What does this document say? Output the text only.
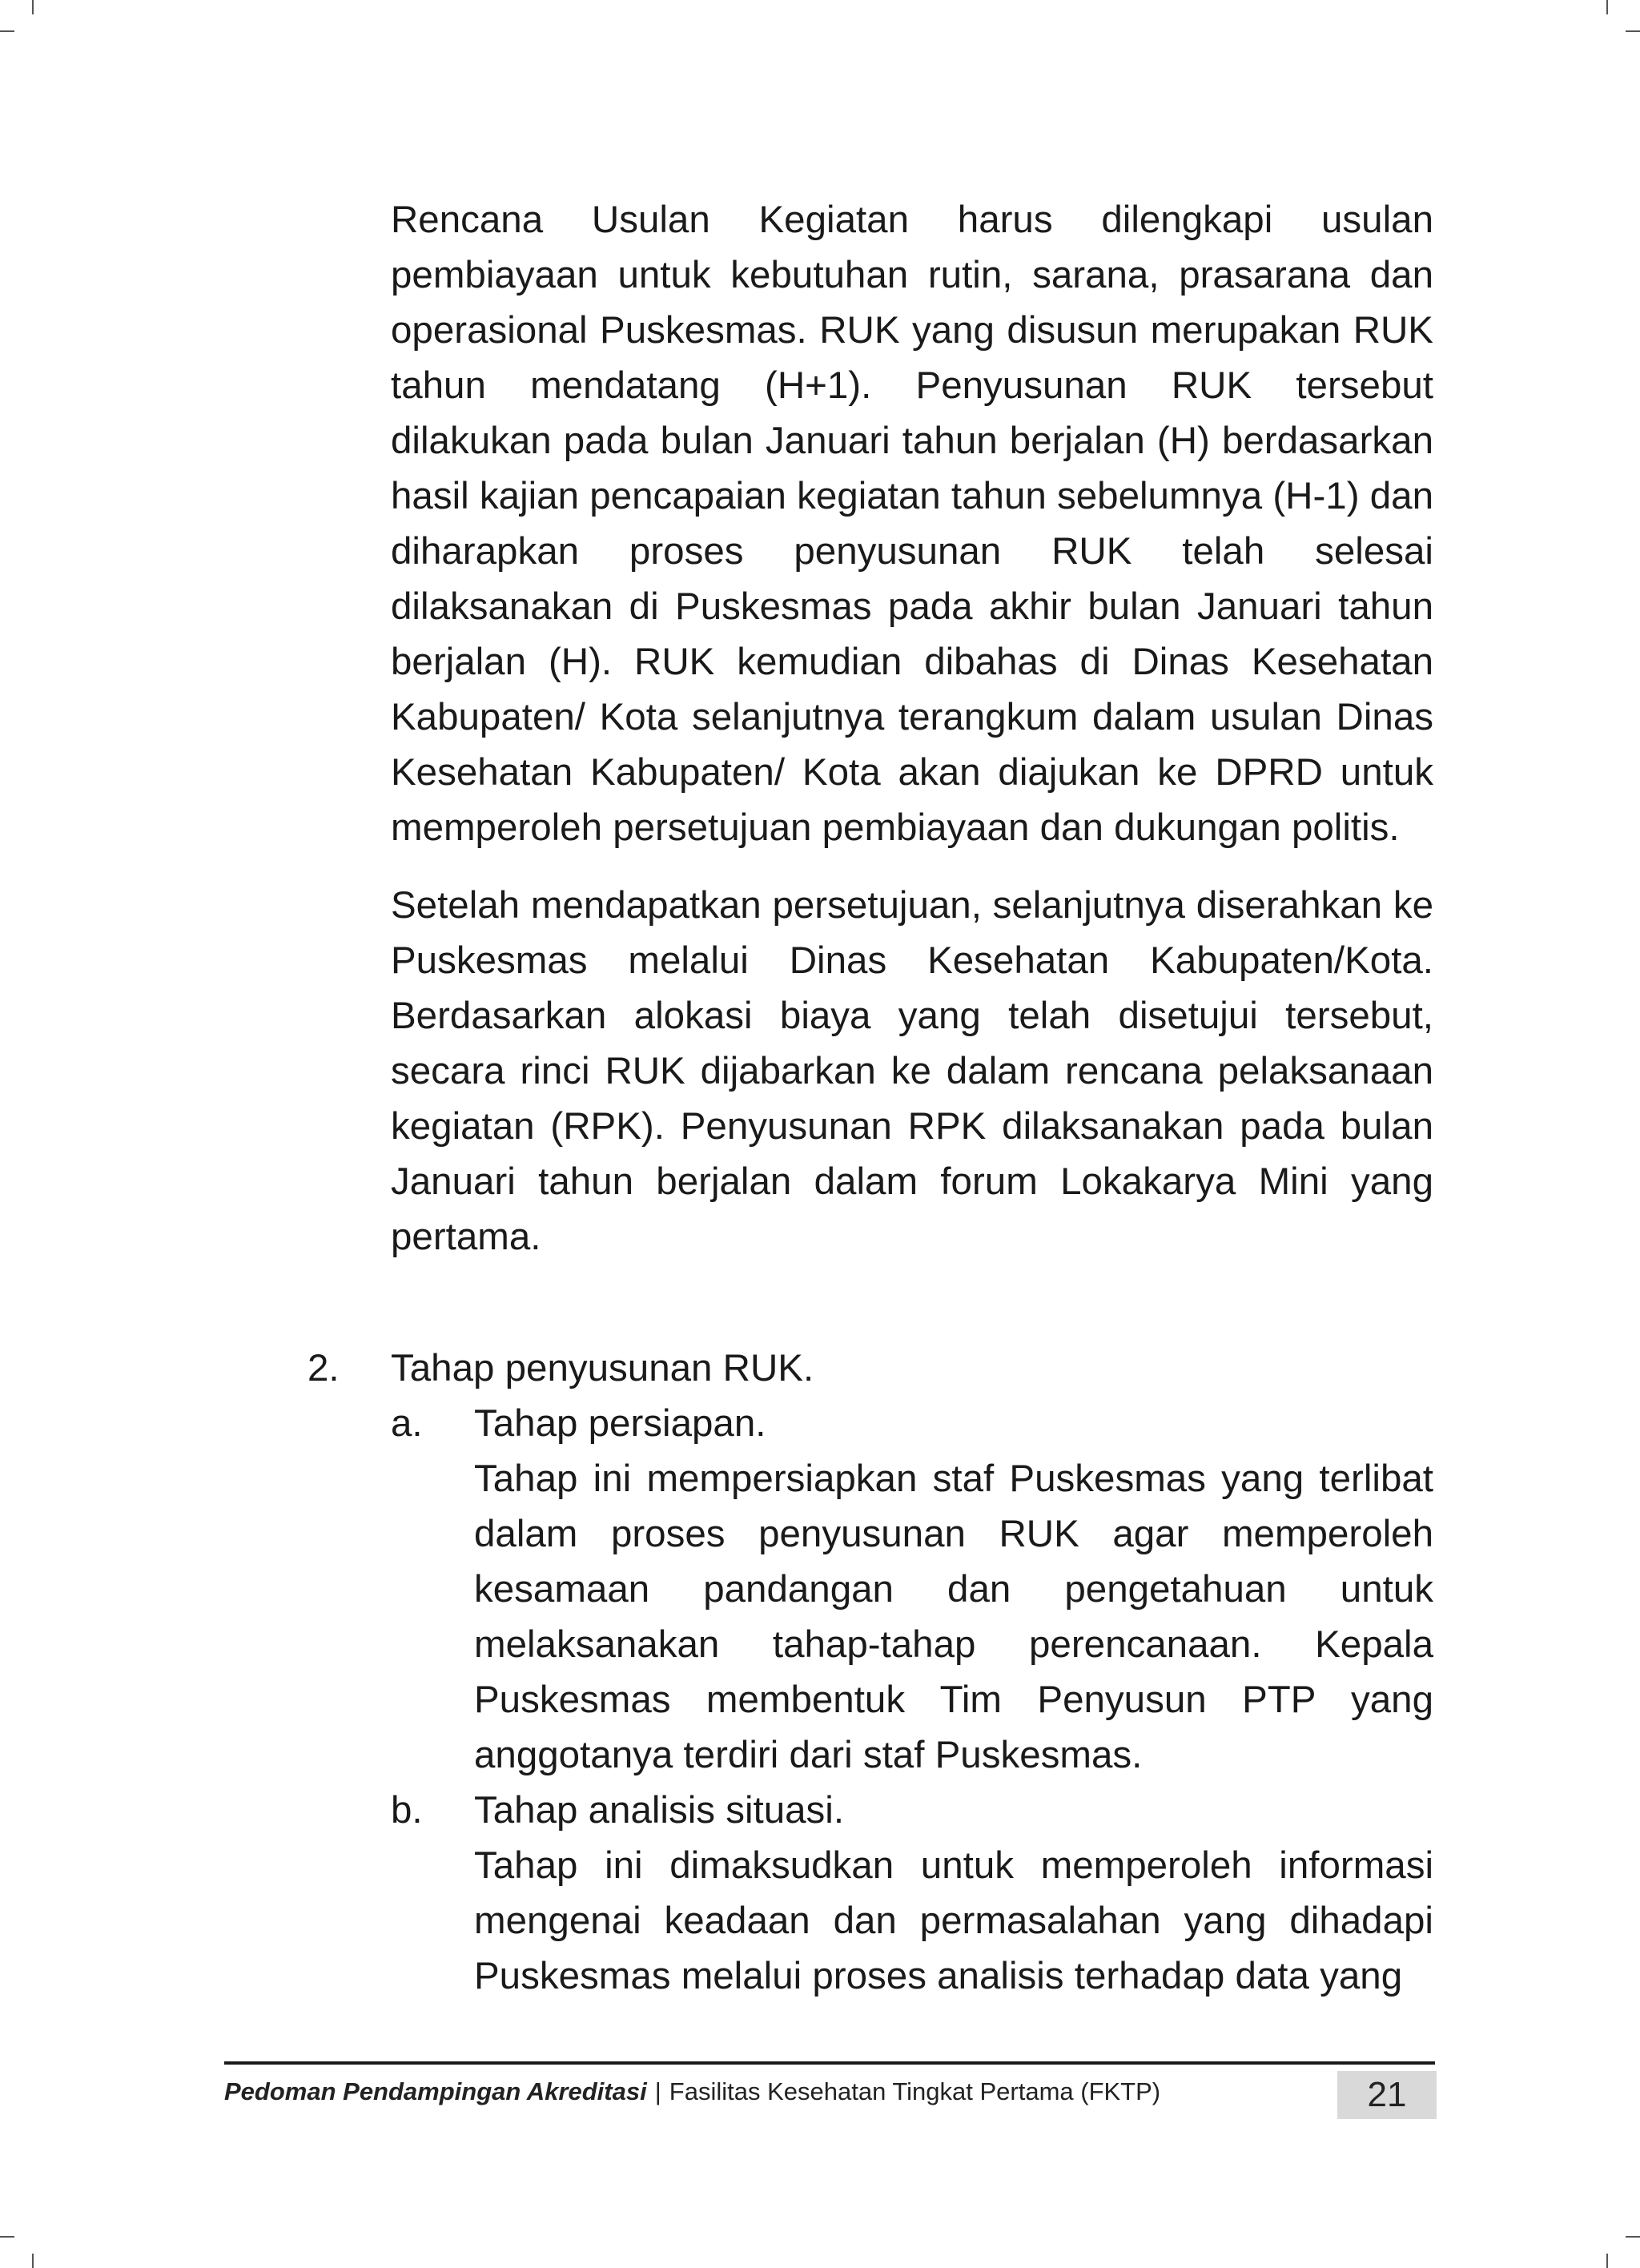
Rencana Usulan Kegiatan harus dilengkapi usulan pembiayaan untuk kebutuhan rutin, sarana, prasarana dan operasional Puskesmas. RUK yang disusun merupakan RUK tahun mendatang (H+1). Penyusunan RUK tersebut dilakukan pada bulan Januari tahun berjalan (H) berdasarkan hasil kajian pencapaian kegiatan tahun sebelumnya (H-1) dan diharapkan proses penyusunan RUK telah selesai dilaksanakan di Puskesmas pada akhir bulan Januari tahun berjalan (H). RUK kemudian dibahas di Dinas Kesehatan Kabupaten/ Kota selanjutnya terangkum dalam usulan Dinas Kesehatan Kabupaten/ Kota akan diajukan ke DPRD untuk memperoleh persetujuan pembiayaan dan dukungan politis.

Setelah mendapatkan persetujuan, selanjutnya diserahkan ke Puskesmas melalui Dinas Kesehatan Kabupaten/Kota. Berdasarkan alokasi biaya yang telah disetujui tersebut, secara rinci RUK dijabarkan ke dalam rencana pelaksanaan kegiatan (RPK). Penyusunan RPK dilaksanakan pada bulan Januari tahun berjalan dalam forum Lokakarya Mini yang pertama.

2. Tahap penyusunan RUK.
a. Tahap persiapan.

Tahap ini mempersiapkan staf Puskesmas yang terlibat dalam proses penyusunan RUK agar memperoleh kesamaan pandangan dan pengetahuan untuk melaksanakan tahap-tahap perencanaan. Kepala Puskesmas membentuk Tim Penyusun PTP yang anggotanya terdiri dari staf Puskesmas.

b. Tahap analisis situasi.

Tahap ini dimaksudkan untuk memperoleh informasi mengenai keadaan dan permasalahan yang dihadapi Puskesmas melalui proses analisis terhadap data yang

Pedoman Pendampingan Akreditasi | Fasilitas Kesehatan Tingkat Pertama (FKTP)	21
